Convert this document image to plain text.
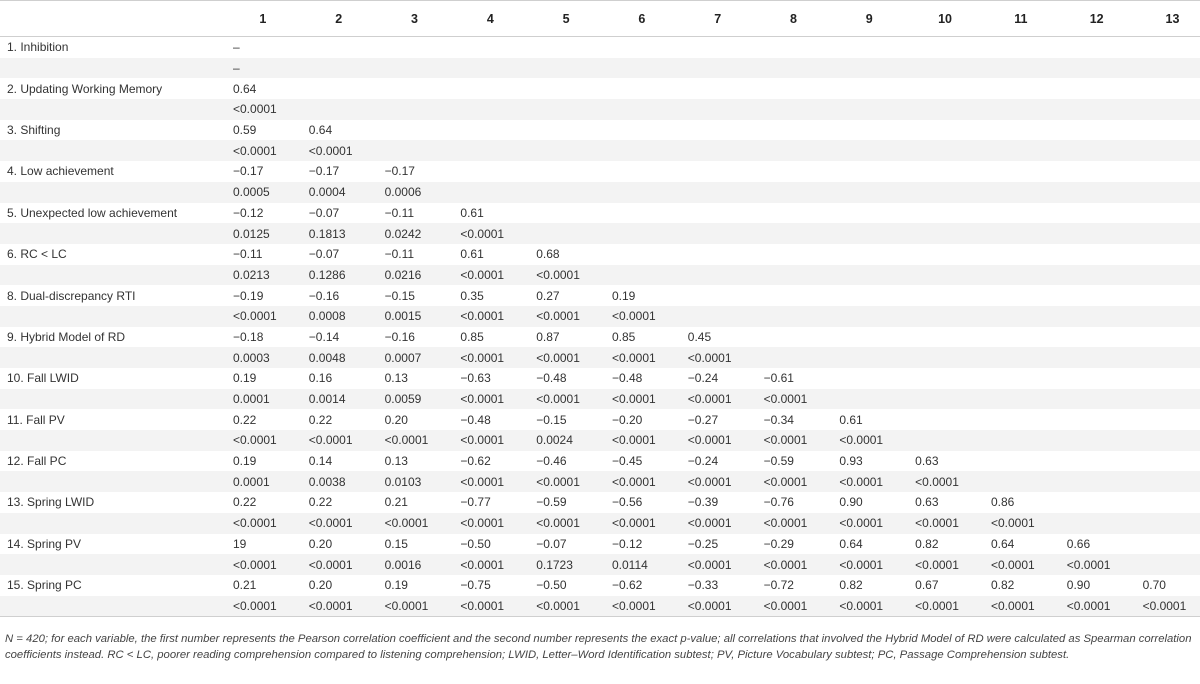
	1	2	3	4	5	6	7	8	9	10	11	12	13
1. Inhibition	–												
	–												
2. Updating Working Memory	0.64												
	<0.0001												
3. Shifting	0.59	0.64											
	<0.0001	<0.0001											
4. Low achievement	−0.17	−0.17	−0.17										
	0.0005	0.0004	0.0006										
5. Unexpected low achievement	−0.12	−0.07	−0.11	0.61									
	0.0125	0.1813	0.0242	<0.0001									
6. RC < LC	−0.11	−0.07	−0.11	0.61	0.68								
	0.0213	0.1286	0.0216	<0.0001	<0.0001								
8. Dual-discrepancy RTI	−0.19	−0.16	−0.15	0.35	0.27	0.19							
	<0.0001	0.0008	0.0015	<0.0001	<0.0001	<0.0001							
9. Hybrid Model of RD	−0.18	−0.14	−0.16	0.85	0.87	0.85	0.45						
	0.0003	0.0048	0.0007	<0.0001	<0.0001	<0.0001	<0.0001						
10. Fall LWID	0.19	0.16	0.13	−0.63	−0.48	−0.48	−0.24	−0.61					
	0.0001	0.0014	0.0059	<0.0001	<0.0001	<0.0001	<0.0001	<0.0001					
11. Fall PV	0.22	0.22	0.20	−0.48	−0.15	−0.20	−0.27	−0.34	0.61				
	<0.0001	<0.0001	<0.0001	<0.0001	0.0024	<0.0001	<0.0001	<0.0001	<0.0001				
12. Fall PC	0.19	0.14	0.13	−0.62	−0.46	−0.45	−0.24	−0.59	0.93	0.63			
	0.0001	0.0038	0.0103	<0.0001	<0.0001	<0.0001	<0.0001	<0.0001	<0.0001	<0.0001			
13. Spring LWID	0.22	0.22	0.21	−0.77	−0.59	−0.56	−0.39	−0.76	0.90	0.63	0.86		
	<0.0001	<0.0001	<0.0001	<0.0001	<0.0001	<0.0001	<0.0001	<0.0001	<0.0001	<0.0001	<0.0001		
14. Spring PV	19	0.20	0.15	−0.50	−0.07	−0.12	−0.25	−0.29	0.64	0.82	0.64	0.66	
	<0.0001	<0.0001	0.0016	<0.0001	0.1723	0.0114	<0.0001	<0.0001	<0.0001	<0.0001	<0.0001	<0.0001	
15. Spring PC	0.21	0.20	0.19	−0.75	−0.50	−0.62	−0.33	−0.72	0.82	0.67	0.82	0.90	0.70
	<0.0001	<0.0001	<0.0001	<0.0001	<0.0001	<0.0001	<0.0001	<0.0001	<0.0001	<0.0001	<0.0001	<0.0001	<0.0001
N = 420; for each variable, the first number represents the Pearson correlation coefficient and the second number represents the exact p-value; all correlations that involved the Hybrid Model of RD were calculated as Spearman correlation coefficients instead. RC < LC, poorer reading comprehension compared to listening comprehension; LWID, Letter–Word Identification subtest; PV, Picture Vocabulary subtest; PC, Passage Comprehension subtest.
